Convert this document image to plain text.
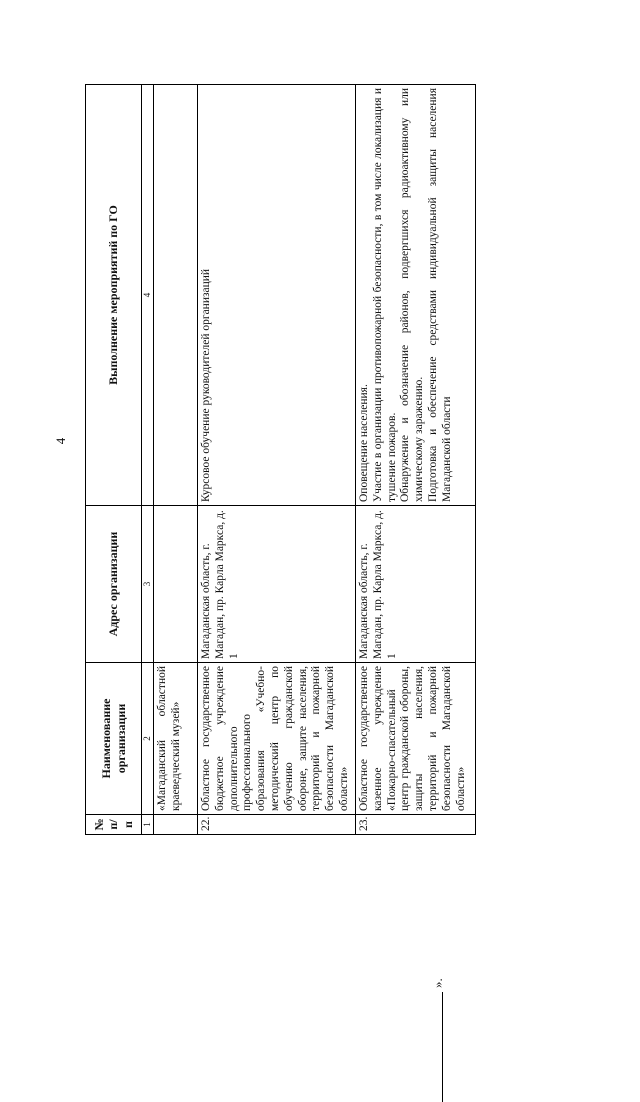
4
№
п/п	Наименование организации	Адрес организации	Выполнение мероприятий по ГО
1	2	3	4
	«Магаданский областной краеведческий музей»		
22.	Областное государственное бюджетное учреждение дополнительного профессионального образования «Учебно-методический центр по обучению гражданской обороне, защите населения, территорий и пожарной безопасности Магаданской области»	Магаданская область, г. Магадан, пр. Карла Маркса, д. 1	Курсовое обучение руководителей организаций

23.	Областное государственное казенное учреждение «Пожарно-спасательный центр гражданской обороны, защиты населения, территорий и пожарной безопасности Магаданской области»	Магаданская область, г. Магадан, пр. Карла Маркса, д. 1	Оповещение населения. Участие в организации противопожарной безопасности, в том числе локализация и тушение пожаров. Обнаружение и обозначение районов, подвергшихся радиоактивному или химическому заражению. Подготовка и обеспечение средствами индивидуальной защиты населения Магаданской области
».
